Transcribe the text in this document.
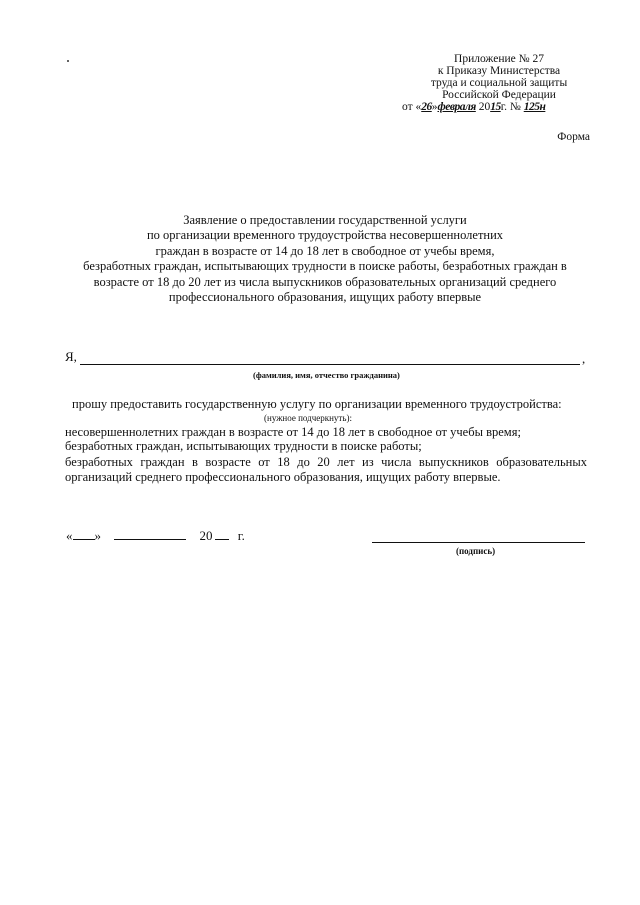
Приложение № 27
к Приказу Министерства
труда и социальной защиты
Российской Федерации
от «26»февраля 2015г. № 125н
Форма
Заявление о предоставлении государственной услуги
по организации временного трудоустройства несовершеннолетних
граждан в возрасте от 14 до 18 лет в свободное от учебы время,
безработных граждан, испытывающих трудности в поиске работы, безработных граждан в
возрасте от 18 до 20 лет из числа выпускников образовательных организаций среднего
профессионального образования, ищущих работу впервые
Я,	,
(фамилия, имя, отчество гражданина)
прошу предоставить государственную услугу по организации временного трудоустройства:
(нужное подчеркнуть):
несовершеннолетних граждан в возрасте от 14 до 18 лет в свободное от учебы время;
безработных граждан, испытывающих трудности в поиске работы;
безработных граждан в возрасте от 18 до 20 лет из числа выпускников образовательных
организаций среднего профессионального образования, ищущих работу впервые.
« »	20 г.
(подпись)
